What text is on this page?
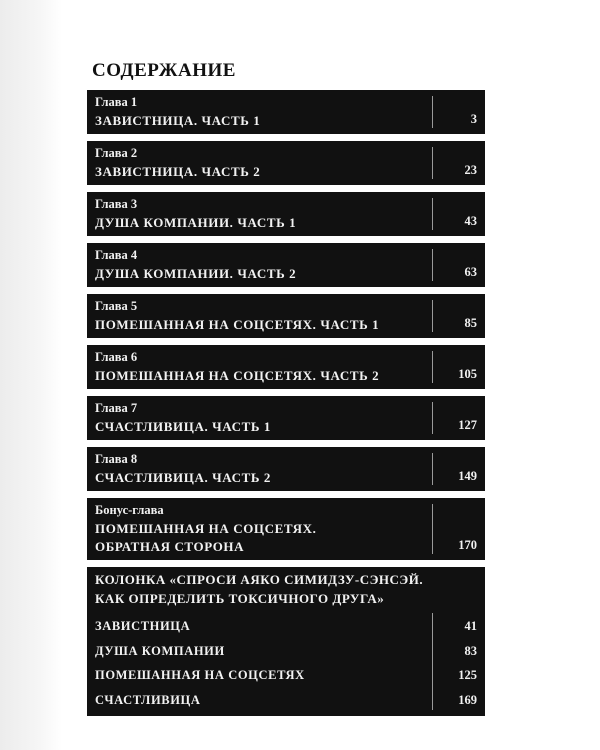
СОДЕРЖАНИЕ
Глава 1
ЗАВИСТНИЦА. ЧАСТЬ 1	3
Глава 2
ЗАВИСТНИЦА. ЧАСТЬ 2	23
Глава 3
ДУША КОМПАНИИ. ЧАСТЬ 1	43
Глава 4
ДУША КОМПАНИИ. ЧАСТЬ 2	63
Глава 5
ПОМЕШАННАЯ НА СОЦСЕТЯХ. ЧАСТЬ 1	85
Глава 6
ПОМЕШАННАЯ НА СОЦСЕТЯХ. ЧАСТЬ 2	105
Глава 7
СЧАСТЛИВИЦА. ЧАСТЬ 1	127
Глава 8
СЧАСТЛИВИЦА. ЧАСТЬ 2	149
Бонус-глава
ПОМЕШАННАЯ НА СОЦСЕТЯХ.
ОБРАТНАЯ СТОРОНА	170
КОЛОНКА «СПРОСИ АЯКО СИМИДЗУ-СЭНСЭЙ.
КАК ОПРЕДЕЛИТЬ ТОКСИЧНОГО ДРУГА»
ЗАВИСТНИЦА	41
ДУША КОМПАНИИ	83
ПОМЕШАННАЯ НА СОЦСЕТЯХ	125
СЧАСТЛИВИЦА	169
